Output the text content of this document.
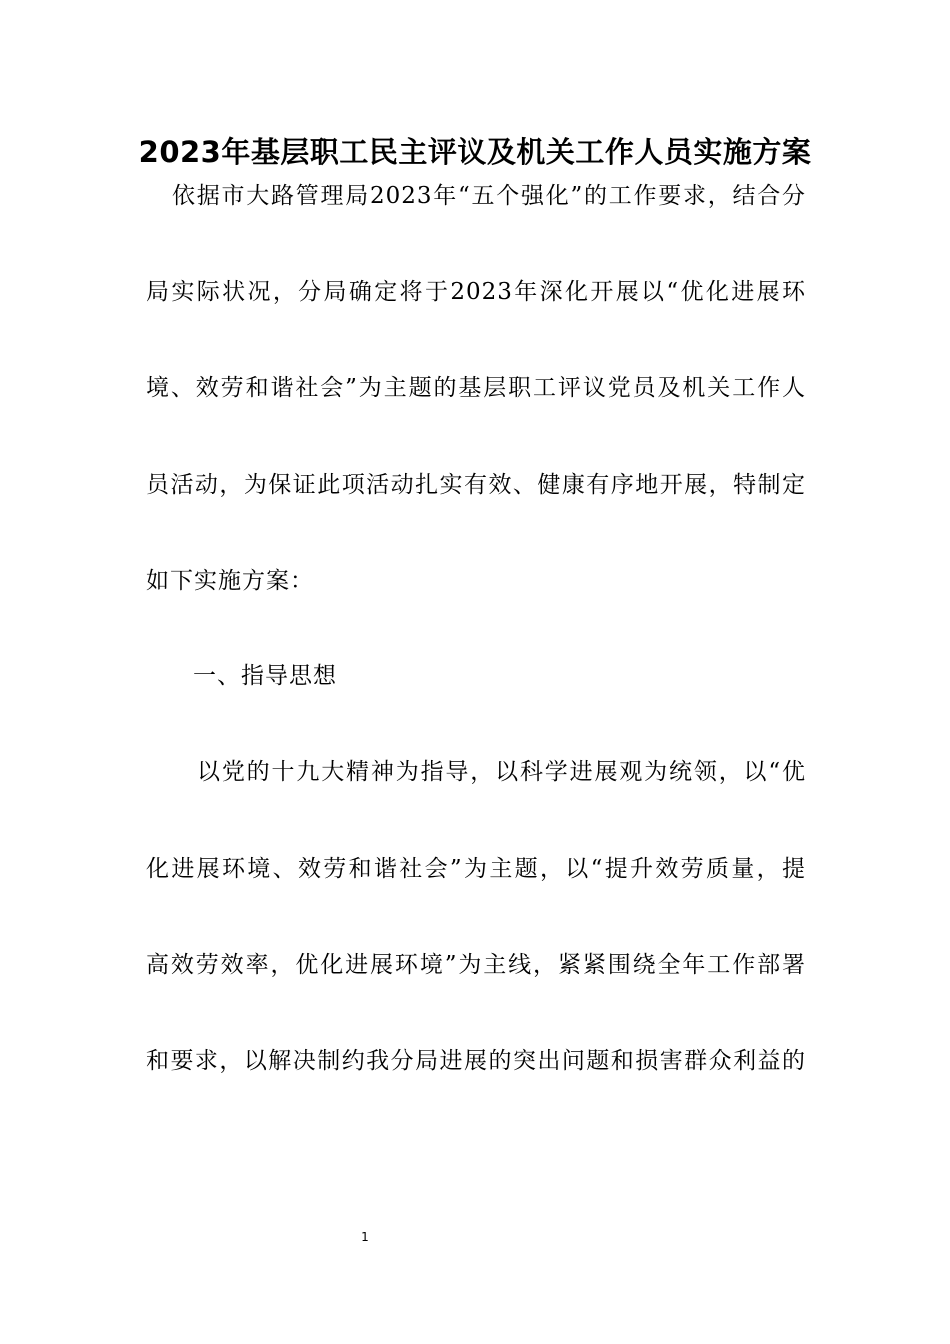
2023年基层职工民主评议及机关工作人员实施方案
依据市大路管理局2023年“五个强化”的工作要求，结合分
局实际状况，分局确定将于2023年深化开展以“优化进展环
境、效劳和谐社会”为主题的基层职工评议党员及机关工作人
员活动，为保证此项活动扎实有效、健康有序地开展，特制定
如下实施方案：
一、指导思想
以党的十九大精神为指导，以科学进展观为统领，以“优
化进展环境、效劳和谐社会”为主题，以“提升效劳质量，提
高效劳效率，优化进展环境”为主线，紧紧围绕全年工作部署
和要求，以解决制约我分局进展的突出问题和损害群众利益的
1
